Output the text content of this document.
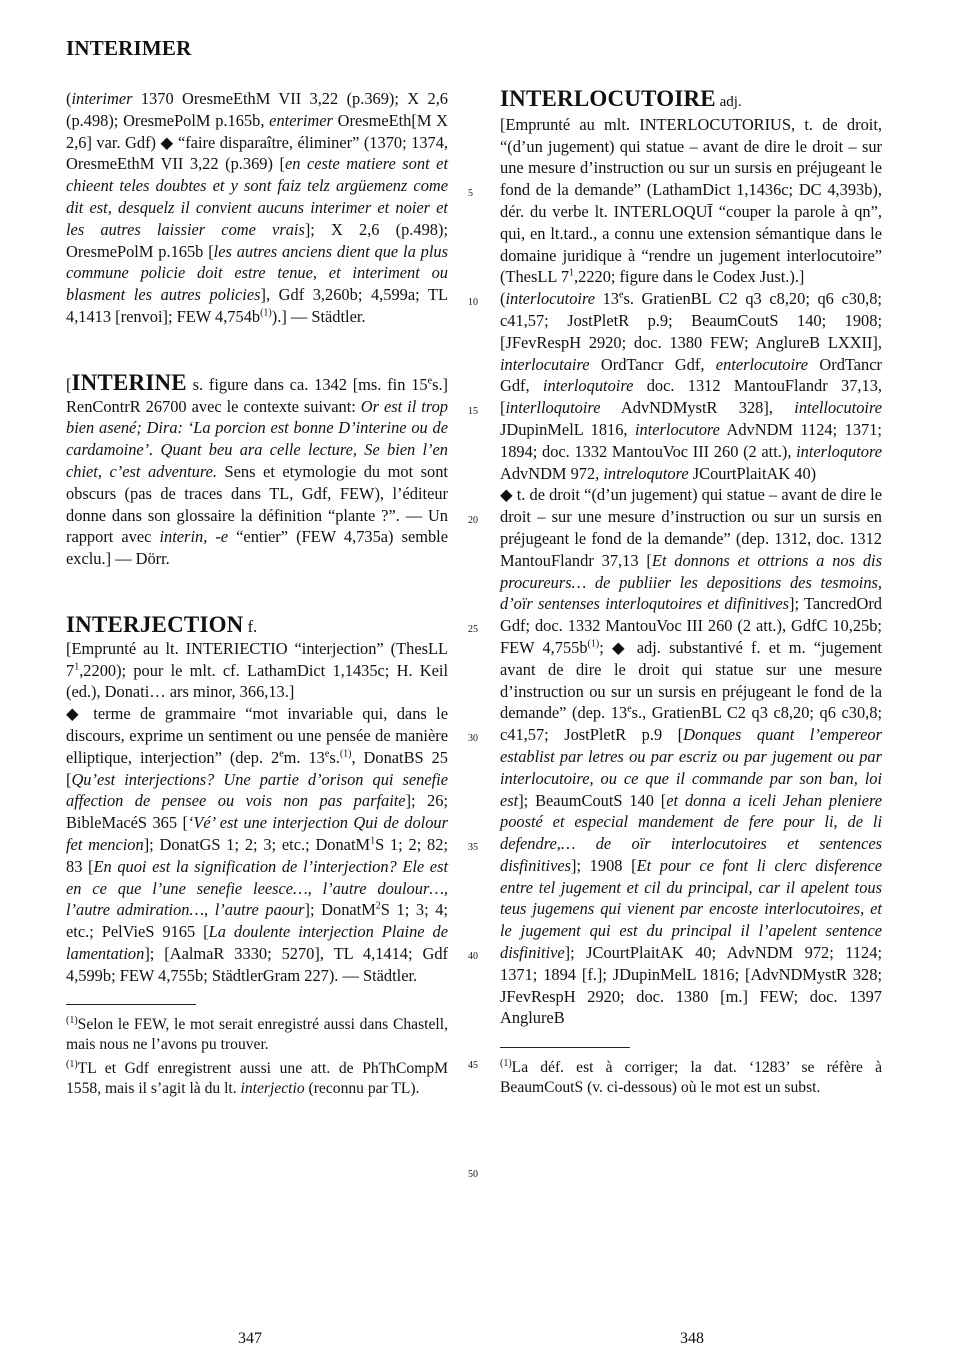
INTERIMER

(interimer 1370 OresmeEthM VII 3,22 (p.369); X 2,6 (p.498); OresmePolM p.165b, enterimer OresmeEth[M X 2,6] var. Gdf) ◆ “faire disparaître, éliminer” (1370; 1374, OresmeEthM VII 3,22 (p.369) [en ceste matiere sont et chieent teles doubtes et y sont faiz telz argüemenz come dit est, desquelz il convient aucuns interimer et noier et les autres laissier come vrais]; X 2,6 (p.498); OresmePolM p.165b [les autres anciens dient que la plus commune policie doit estre tenue, et interiment ou blasment les autres policies], Gdf 3,260b; 4,599a; TL 4,1413 [renvoi]; FEW $4,754b^{(1)}$).] — Städtler.

[INTERINE s. figure dans ca. 1342 [ms. fin 15es.] RenContrR 26700 avec le contexte suivant: Or est il trop bien asené; Dira: ‘La porcion est bonne D’interine ou de cardamoine’. Quant beu ara celle lecture, Se bien l’en chiet, c’est adventure. Sens et etymologie du mot sont obscurs (pas de traces dans TL, Gdf, FEW), l’éditeur donne dans son glossaire la définition “plante ?”. — Un rapport avec interin, -e “entier” (FEW 4,735a) semble exclu.] — Dörr.

INTERJECTION f.

[Emprunté au lt. INTERIECTIO “interjection” (ThesLL $7^1,2200$); pour le mlt. cf. LathamDict 1,1435c; H. Keil (ed.), Donati… ars minor, 366,13.]

◆ terme de grammaire “mot invariable qui, dans le discours, exprime un sentiment ou une pensée de manière elliptique, interjection” (dep. 2em. 13es.$^{(1)}$, DonatBS 25 [Qu’est interjections? Une partie d’orison qui senefie affection de pensee ou vois non pas parfaite]; 26; BibleMacéS 365 [‘Vé’ est une interjection Qui de dolour fet mencion]; DonatGS 1; 2; 3; etc.; DonatM$^1$S 1; 2; 82; 83 [En quoi est la signification de l’interjection? Ele est en ce que l’une senefie leesce…, l’autre doulour…, l’autre admiration…, l’autre paour]; DonatM$^2$S 1; 3; 4; etc.; PelVieS 9165 [La doulente interjection Plaine de lamentation]; [AalmaR 3330; 5270], TL 4,1414; Gdf 4,599b; FEW 4,755b; StädtlerGram 227). — Städtler.

$^{(1)}$Selon le FEW, le mot serait enregistré aussi dans Chastell, mais nous ne l’avons pu trouver.

$^{(1)}$TL et Gdf enregistrent aussi une att. de PhThCompM 1558, mais il s’agit là du lt. interjectio (reconnu par TL).

5
10
15
20
25
30
35
40
45
50

INTERLOCUTOIRE adj.

[Emprunté au mlt. INTERLOCUTORIUS, t. de droit, “(d’un jugement) qui statue – avant de dire le droit – sur une mesure d’instruction ou sur un sursis en préjugeant le fond de la demande” (LathamDict 1,1436c; DC 4,393b), dér. du verbe lt. INTERLOQUĪ “couper la parole à qn”, qui, en lt.tard., a connu une extension sémantique dans le domaine juridique à “rendre un jugement interlocutoire” (ThesLL $7^1,2220$; figure dans le Codex Just.).]

(interlocutoire 13es. GratienBL C2 q3 c8,20; q6 c30,8; c41,57; JostPletR p.9; BeaumCoutS 140; 1908; [JFevRespH 2920; doc. 1380 FEW; AnglureB LXXII], interlocutaire OrdTancr Gdf, enterlocutoire OrdTancr Gdf, interloqutoire doc. 1312 MantouFlandr 37,13, [interlloqutoire AdvNDMystR 328], intellocutoire JDupinMelL 1816, interlocutore AdvNDM 1124; 1371; 1894; doc. 1332 MantouVoc III 260 (2 att.), interloqutore AdvNDM 972, intreloqutore JCourtPlaitAK 40)

◆ t. de droit “(d’un jugement) qui statue – avant de dire le droit – sur une mesure d’instruction ou sur un sursis en préjugeant le fond de la demande” (dep. 1312, doc. 1312 MantouFlandr 37,13 [Et donnons et ottrions a nos dis procureurs… de publiier les depositions des tesmoins, d’oïr sentenses interloqutoires et difinitives]; TancredOrd Gdf; doc. 1332 MantouVoc III 260 (2 att.), GdfC 10,25b; FEW $4,755b^{(1)}$; ◆ adj. substantivé f. et m. “jugement avant de dire le droit qui statue sur une mesure d’instruction ou sur un sursis en préjugeant le fond de la demande” (dep. 13es., GratienBL C2 q3 c8,20; q6 c30,8; c41,57; JostPletR p.9 [Donques quant l’empereor establist par letres ou par escriz ou par jugement ou par interlocutoire, ou ce que il commande par son ban, loi est]; BeaumCoutS 140 [et donna a iceli Jehan pleniere poosté et especial mandement de fere pour li, de li defendre,… de oïr interlocutoires et sentences disfinitives]; 1908 [Et pour ce font li clerc disference entre tel jugement et cil du principal, car il apelent tous teus jugemens qui vienent par encoste interlocutoires, et le jugement qui est du principal il l’apelent sentence disfinitive]; JCourtPlaitAK 40; AdvNDM 972; 1124; 1371; 1894 [f.]; JDupinMelL 1816; [AdvNDMystR 328; JFevRespH 2920; doc. 1380 [m.] FEW; doc. 1397 AnglureB

$^{(1)}$La déf. est à corriger; la dat. ‘1283’ se réfère à BeaumCoutS (v. ci-dessous) où le mot est un subst.

347	348
